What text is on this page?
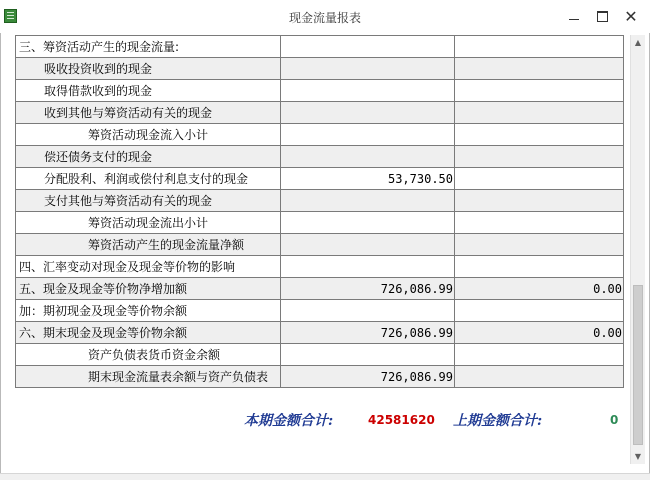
现金流量报表	✕
三、筹资活动产生的现金流量:		
吸收投资收到的现金		
取得借款收到的现金		
收到其他与筹资活动有关的现金		
筹资活动现金流入小计		
偿还债务支付的现金		
分配股利、利润或偿付利息支付的现金	53,730.50	
支付其他与筹资活动有关的现金		
筹资活动现金流出小计		
筹资活动产生的现金流量净额		
四、汇率变动对现金及现金等价物的影响		
五、现金及现金等价物净增加额	726,086.99	0.00
加：期初现金及现金等价物余额		
六、期末现金及现金等价物余额	726,086.99	0.00
资产负债表货币资金余额		
期末现金流量表余额与资产负债表	726,086.99	
本期金额合计:	42581620 上期金额合计:	0
▲
▼
